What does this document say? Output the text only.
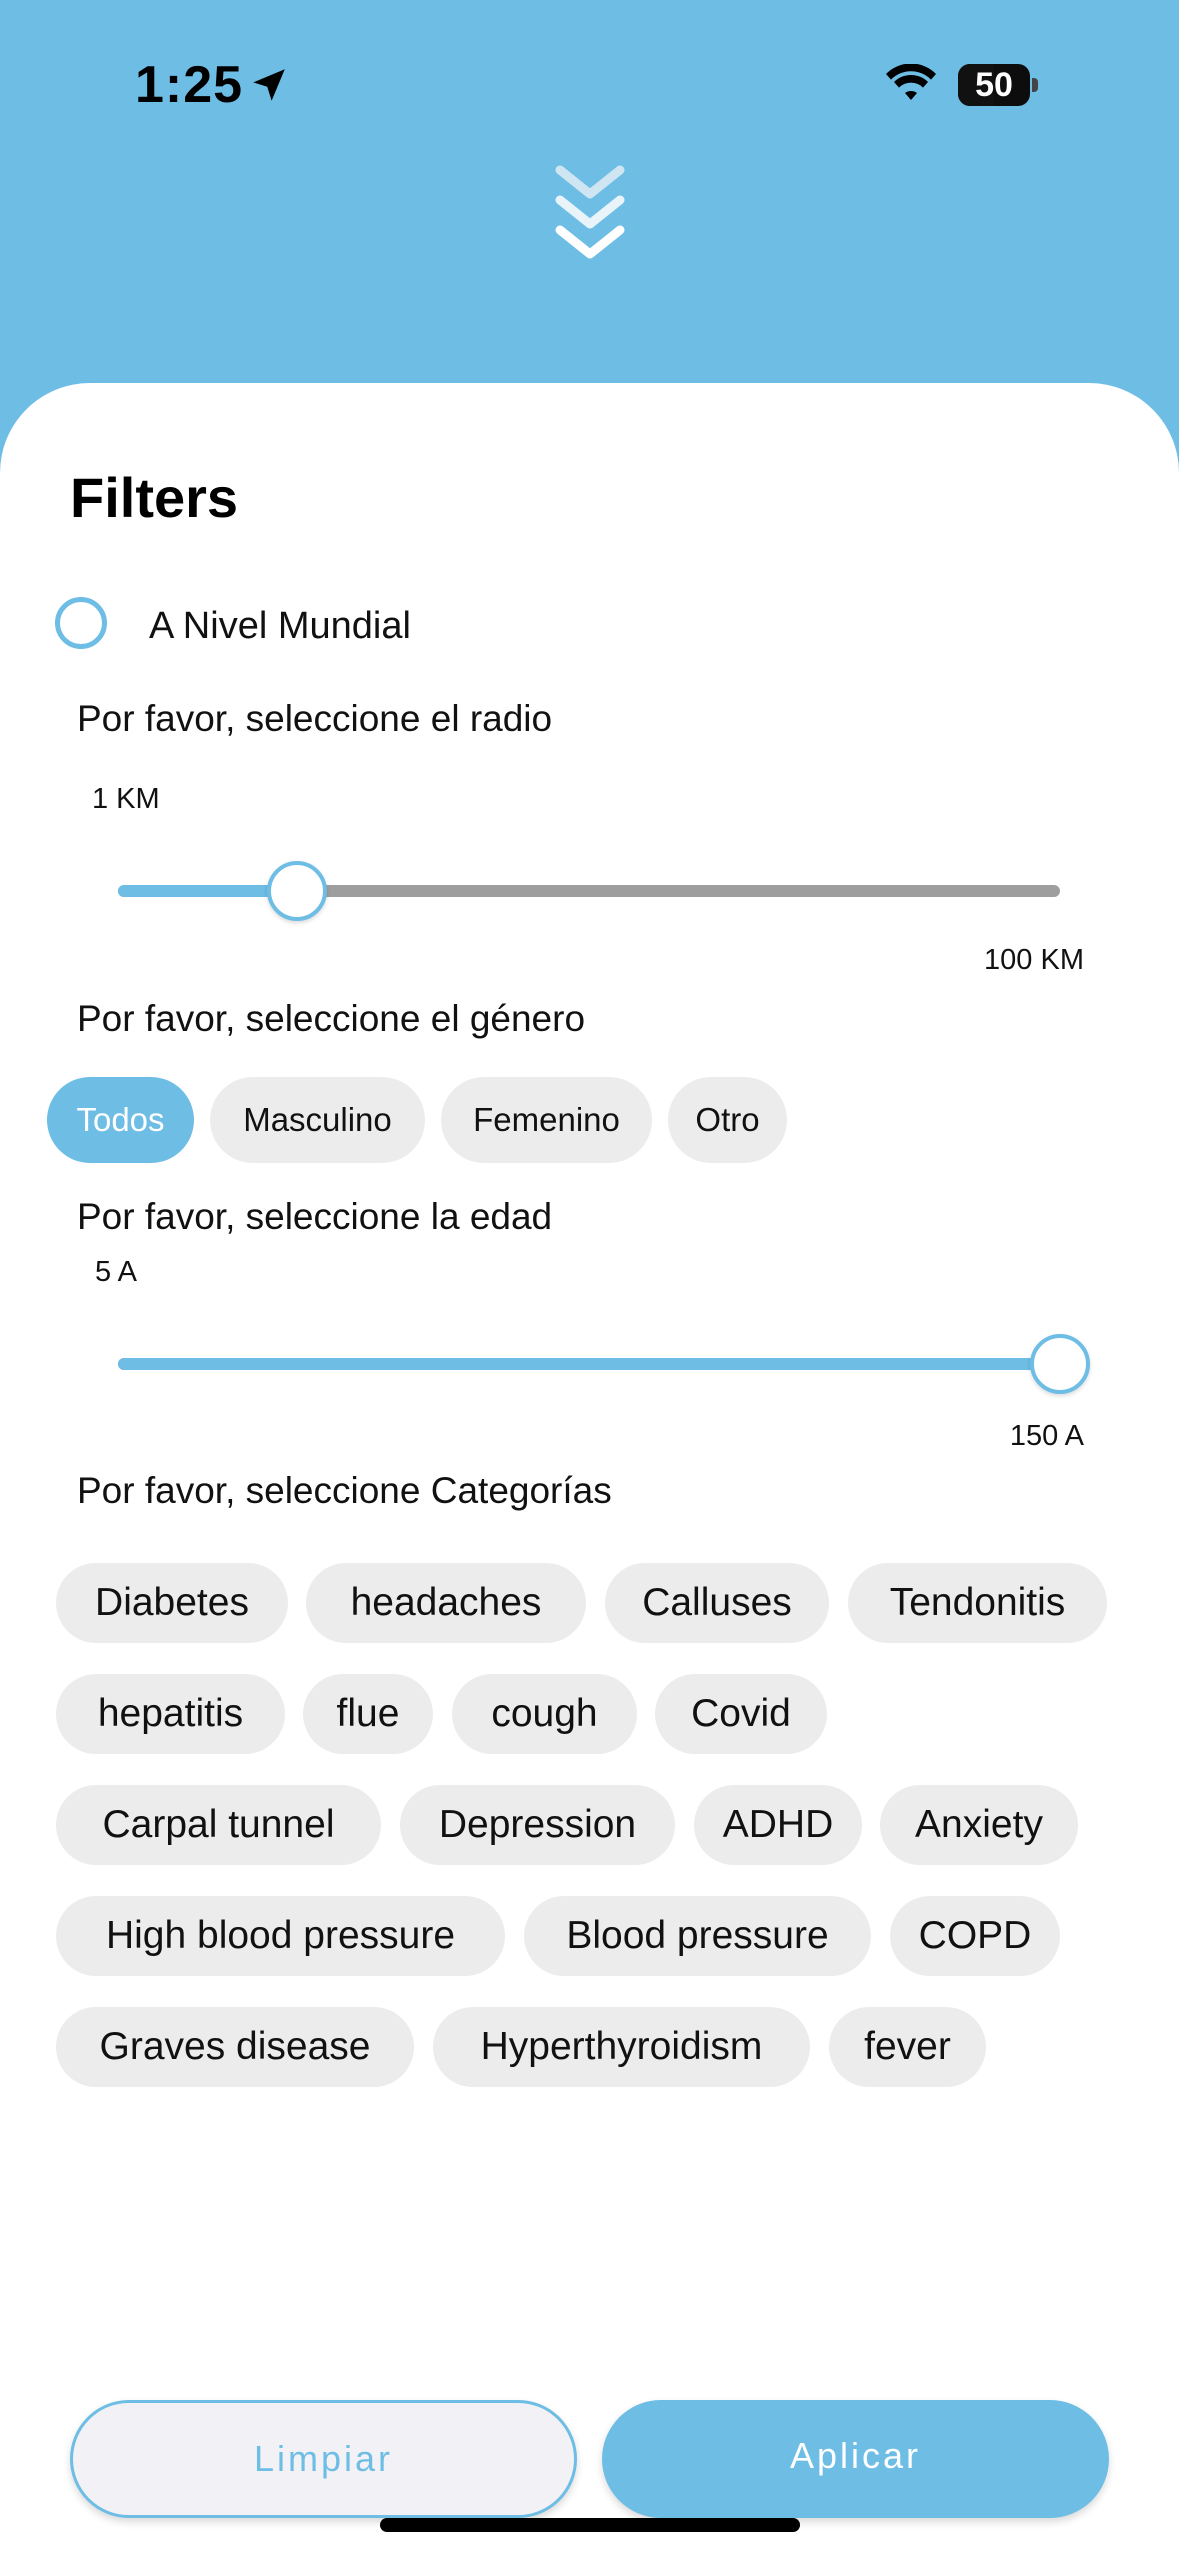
1:25	50
Filters
A Nivel Mundial
Por favor, seleccione el radio
1 KM
100 KM
Por favor, seleccione el género
Todos	Masculino	Femenino	Otro
Por favor, seleccione la edad
5 A
150 A
Por favor, seleccione Categorías
Diabetes	headaches	Calluses	Tendonitis
hepatitis	flue	cough	Covid
Carpal tunnel	Depression	ADHD	Anxiety
High blood pressure	Blood pressure	COPD
Graves disease	Hyperthyroidism	fever
Limpiar	Aplicar
